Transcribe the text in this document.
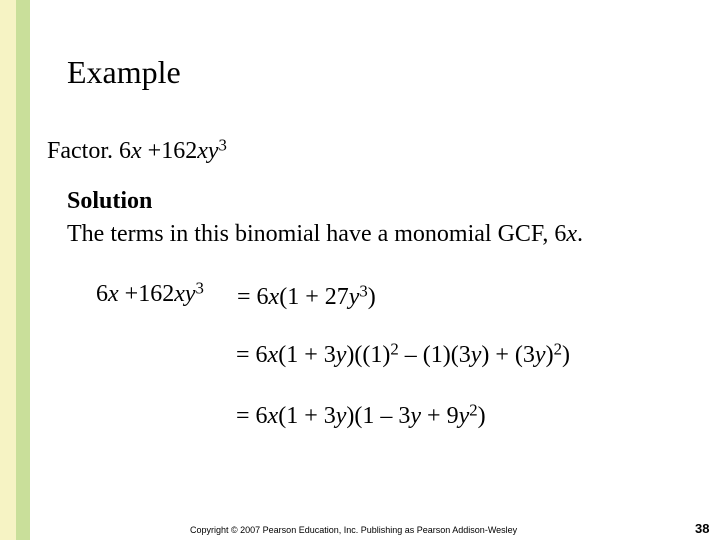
Example
Factor. $6x +162xy^3$
Solution
The terms in this binomial have a monomial GCF, 6x.
$6x +162xy^3 = 6x(1 + 27y^3)$
= $6x(1 + 3y)((1)^2 - (1)(3y) + (3y)^2)$
= $6x(1 + 3y)(1 - 3y + 9y^2)$
Copyright © 2007 Pearson Education, Inc. Publishing as Pearson Addison-Wesley	38
